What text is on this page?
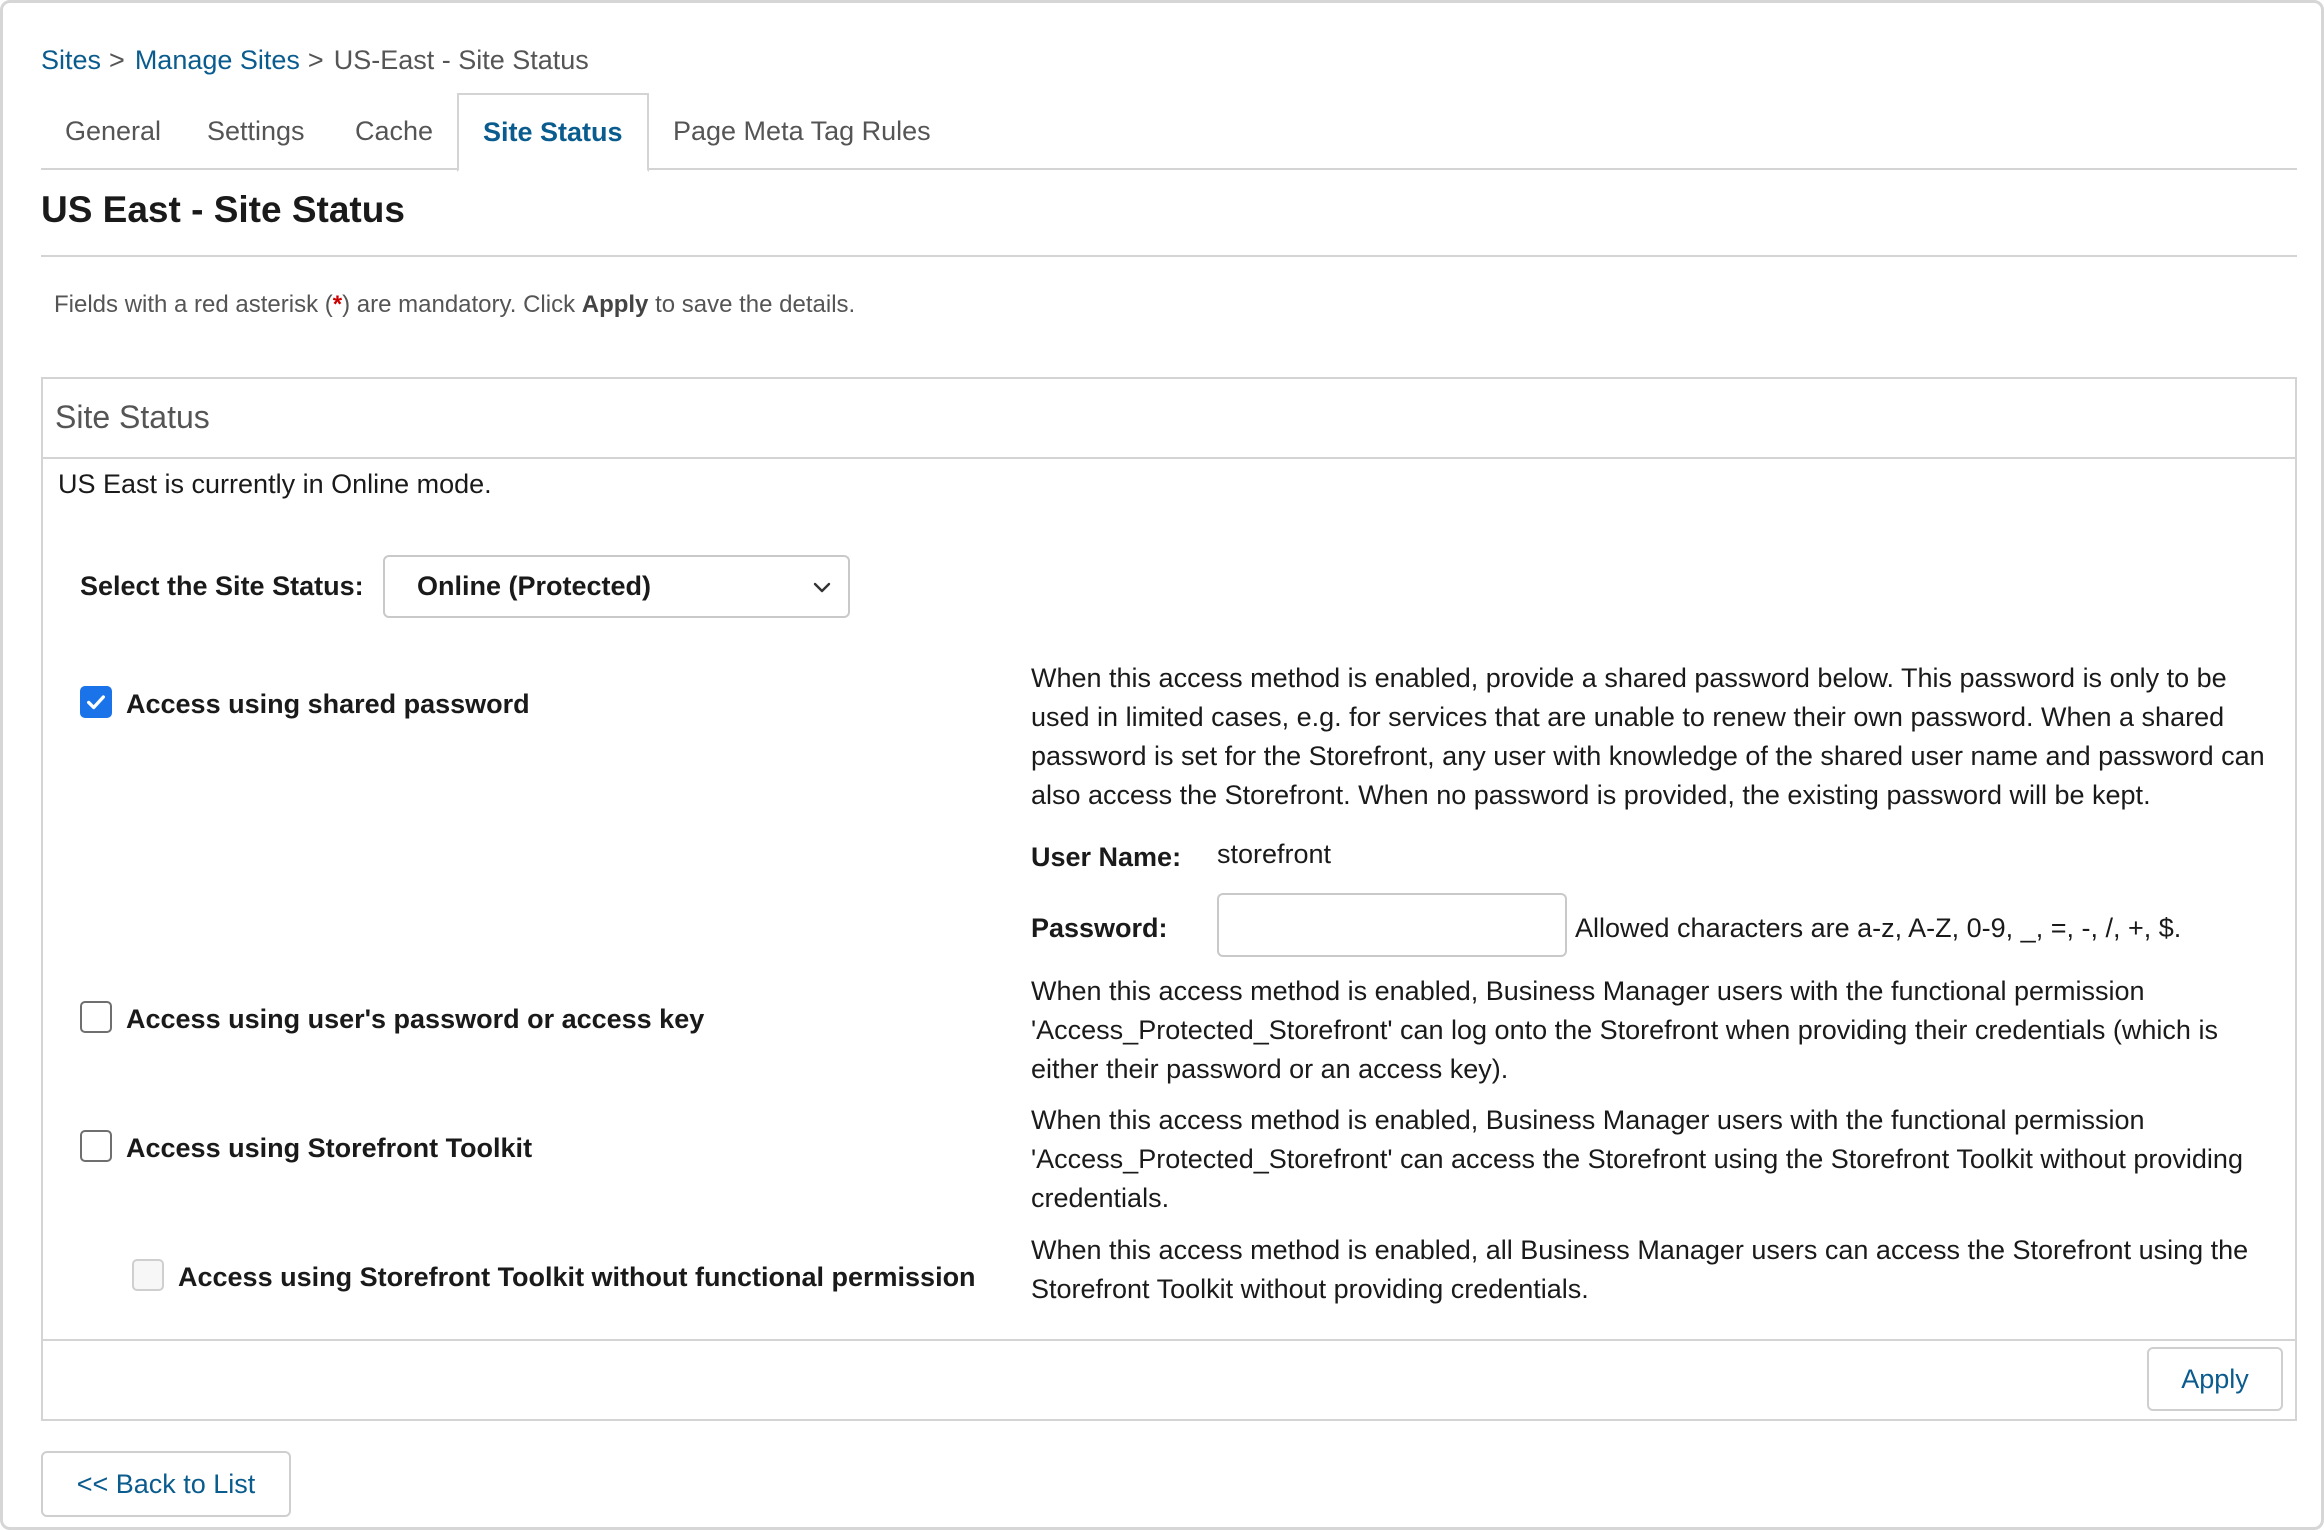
Sites > Manage Sites > US-East - Site Status
General	Settings	Cache	Site Status	Page Meta Tag Rules
US East - Site Status
Fields with a red asterisk (*) are mandatory. Click Apply to save the details.
Site Status
US East is currently in Online mode.
Select the Site Status: Online (Protected)
Access using shared password
When this access method is enabled, provide a shared password below. This password is only to be used in limited cases, e.g. for services that are unable to renew their own password. When a shared password is set for the Storefront, any user with knowledge of the shared user name and password can also access the Storefront. When no password is provided, the existing password will be kept.
User Name: storefront
Password:	Allowed characters are a-z, A-Z, 0-9, _, =, -, /, +, $.
Access using user's password or access key
When this access method is enabled, Business Manager users with the functional permission 'Access_Protected_Storefront' can log onto the Storefront when providing their credentials (which is either their password or an access key).
Access using Storefront Toolkit
When this access method is enabled, Business Manager users with the functional permission 'Access_Protected_Storefront' can access the Storefront using the Storefront Toolkit without providing credentials.
Access using Storefront Toolkit without functional permission
When this access method is enabled, all Business Manager users can access the Storefront using the Storefront Toolkit without providing credentials.
Apply
<< Back to List
